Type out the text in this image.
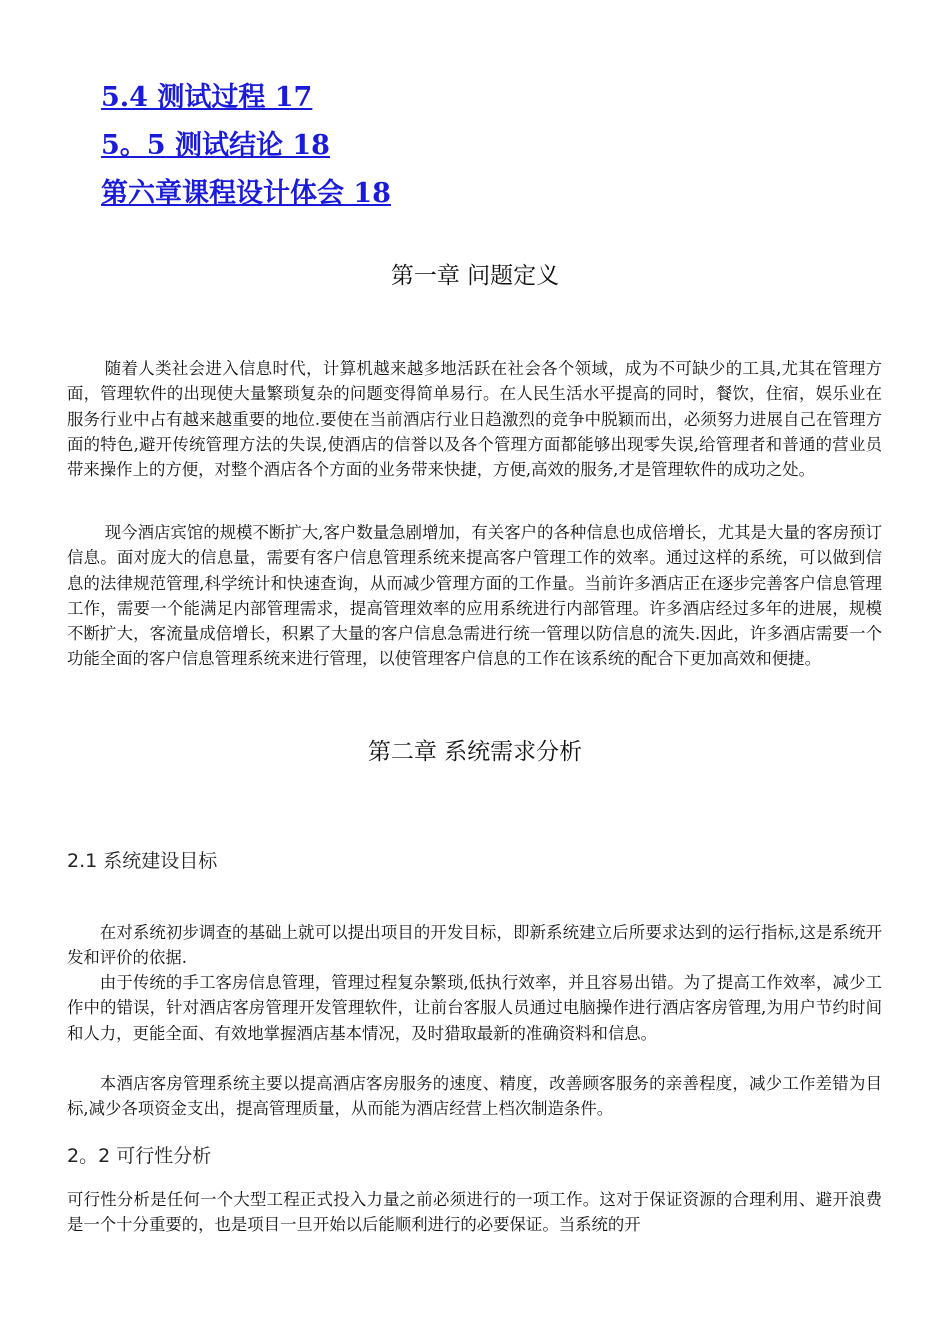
5.4 测试过程 17
5。5 测试结论 18
第六章课程设计体会 18
第一章 问题定义

随着人类社会进入信息时代，计算机越来越多地活跃在社会各个领域，成为不可缺少的工具,尤其在管理方面，管理软件的出现使大量繁琐复杂的问题变得简单易行。在人民生活水平提高的同时，餐饮，住宿，娱乐业在服务行业中占有越来越重要的地位.要使在当前酒店行业日趋激烈的竞争中脱颖而出，必须努力进展自己在管理方面的特色,避开传统管理方法的失误,使酒店的信誉以及各个管理方面都能够出现零失误,给管理者和普通的营业员带来操作上的方便，对整个酒店各个方面的业务带来快捷，方便,高效的服务,才是管理软件的成功之处。

现今酒店宾馆的规模不断扩大,客户数量急剧增加，有关客户的各种信息也成倍增长，尤其是大量的客房预订信息。面对庞大的信息量，需要有客户信息管理系统来提高客户管理工作的效率。通过这样的系统，可以做到信息的法律规范管理,科学统计和快速查询，从而减少管理方面的工作量。当前许多酒店正在逐步完善客户信息管理工作，需要一个能满足内部管理需求，提高管理效率的应用系统进行内部管理。许多酒店经过多年的进展，规模不断扩大，客流量成倍增长，积累了大量的客户信息急需进行统一管理以防信息的流失.因此，许多酒店需要一个功能全面的客户信息管理系统来进行管理，以使管理客户信息的工作在该系统的配合下更加高效和便捷。

第二章 系统需求分析
2.1 系统建设目标

在对系统初步调查的基础上就可以提出项目的开发目标，即新系统建立后所要求达到的运行指标,这是系统开发和评价的依据.

由于传统的手工客房信息管理，管理过程复杂繁琐,低执行效率，并且容易出错。为了提高工作效率，减少工作中的错误，针对酒店客房管理开发管理软件，让前台客服人员通过电脑操作进行酒店客房管理,为用户节约时间和人力，更能全面、有效地掌握酒店基本情况，及时猎取最新的准确资料和信息。

本酒店客房管理系统主要以提高酒店客房服务的速度、精度，改善顾客服务的亲善程度，减少工作差错为目标,减少各项资金支出，提高管理质量，从而能为酒店经营上档次制造条件。

2。2 可行性分析

可行性分析是任何一个大型工程正式投入力量之前必须进行的一项工作。这对于保证资源的合理利用、避开浪费是一个十分重要的，也是项目一旦开始以后能顺利进行的必要保证。当系统的开
